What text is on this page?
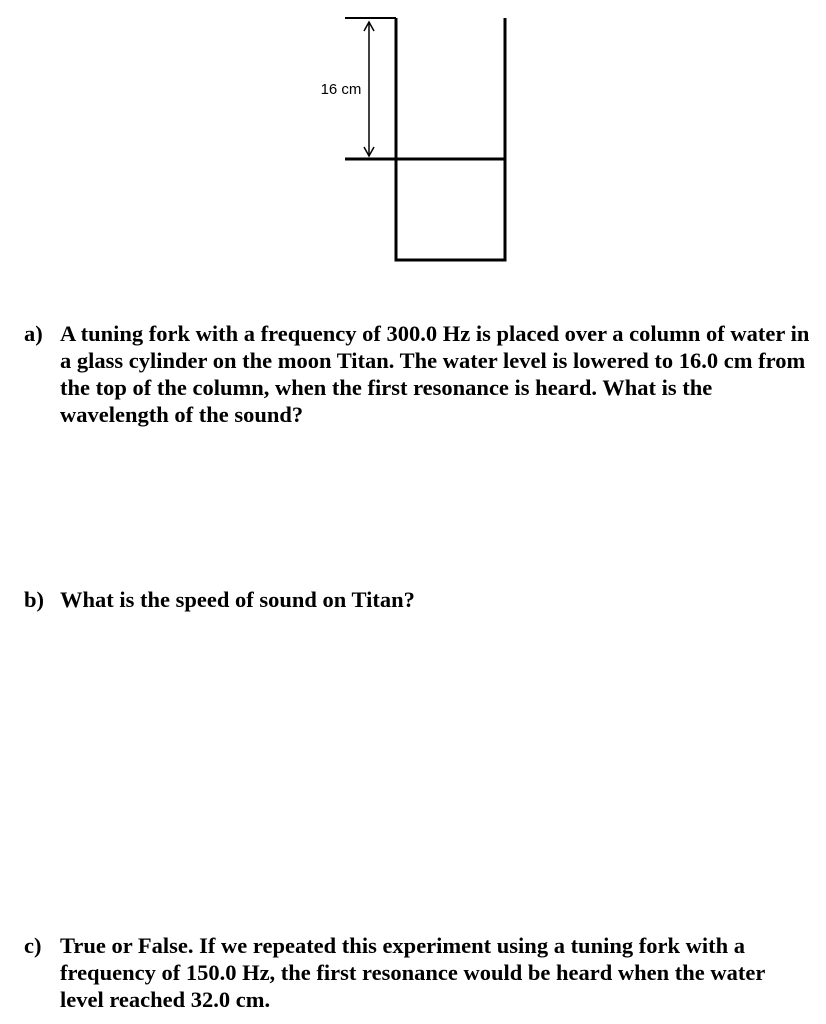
16 cm
a) A tuning fork with a frequency of 300.0 Hz is placed over a column of water in a glass cylinder on the moon Titan. The water level is lowered to 16.0 cm from the top of the column, when the first resonance is heard. What is the wavelength of the sound?
b) What is the speed of sound on Titan?
c) True or False. If we repeated this experiment using a tuning fork with a frequency of 150.0 Hz, the first resonance would be heard when the water level reached 32.0 cm.
